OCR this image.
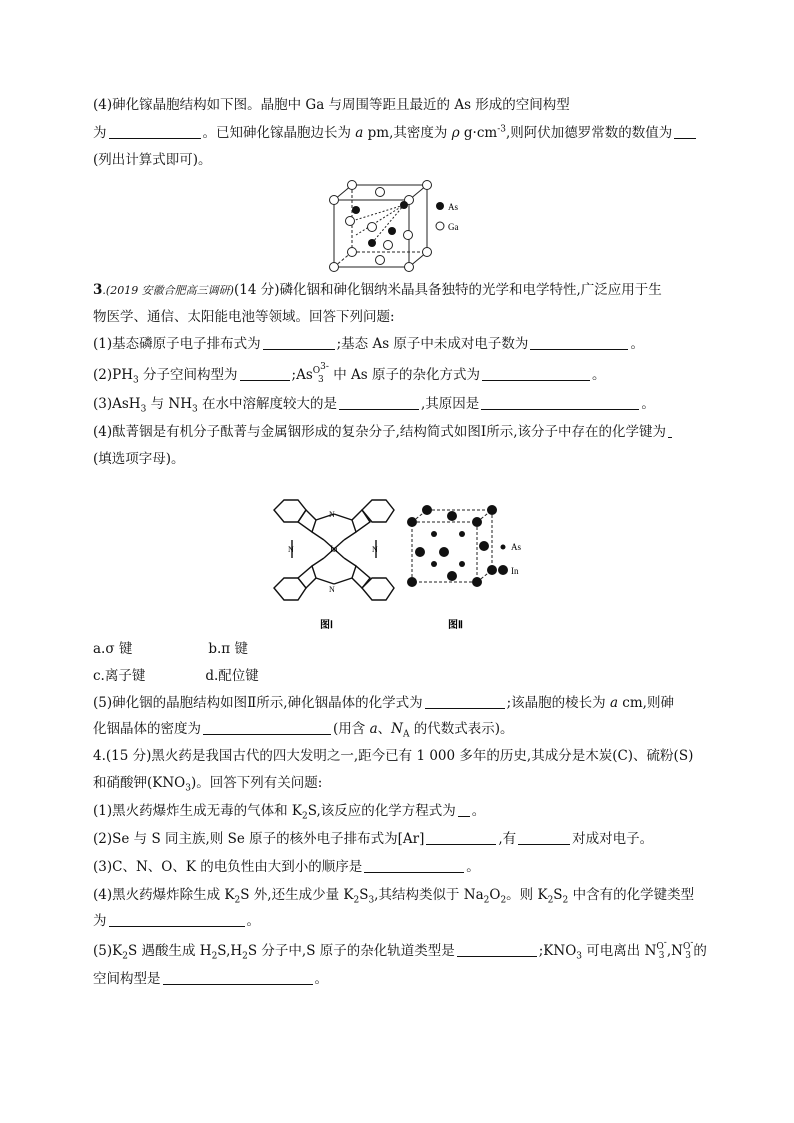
(4)砷化镓晶胞结构如下图。晶胞中 Ga 与周围等距且最近的 As 形成的空间构型
为	。已知砷化镓晶胞边长为 a pm,其密度为 ρ $g\cdot cm^{-3}$,则阿伏加德罗常数的数值为
(列出计算式即可)。
As
Ga
3.(2019 安徽合肥高三调研)(14 分)磷化铟和砷化铟纳米晶具备独特的光学和电学特性,广泛应用于生
物医学、通信、太阳能电池等领域。回答下列问题:
(1)基态磷原子电子排布式为	;基态 As 原子中未成对电子数为	。
$(2)PH_3$ 分子空间构型为	;AsO$^{3-}$
3 中 As 原子的杂化方式为	。
(3)AsH$_3$ 与 $NH_3$ 在水中溶解度较大的是	,其原因是	。
(4)酞菁铟是有机分子酞菁与金属铟形成的复杂分子,结构简式如图Ⅰ所示,该分子中存在的化学键为
(填选项字母)。
In
N
N
N	N	As
In
图Ⅰ	图Ⅱ
a.σ 键	b.π 键
c.离子键	d.配位键
(5)砷化铟的晶胞结构如图Ⅱ所示,砷化铟晶体的化学式为	;该晶胞的棱长为 a cm,则砷
化铟晶体的密度为	(用含 a、$N_A$ 的代数式表示)。
4.(15 分)黑火药是我国古代的四大发明之一,距今已有 1 000 多年的历史,其成分是木炭(C)、硫粉(S)
和硝酸钾$(KNO_3)$。回答下列有关问题:
(1)黑火药爆炸生成无毒的气体和 $K_2S$,该反应的化学方程式为 。
(2)Se 与 S 同主族,则 Se 原子的核外电子排布式为[Ar]	,有	对成对电子。
(3)C、N、O、K 的电负性由大到小的顺序是	。
(4)黑火药爆炸除生成 $K_2S$ 外,还生成少量 $K_2S_3$,其结构类似于 $Na_2O_2$。则 $K_2S_2$ 中含有的化学键类型
为	。
$(5)K_2S$ 遇酸生成 $H_2S,H_2S$ 分子中,S 原子的杂化轨道类型是	$;KNO_3$ 可电离出 NO-
3 ,NO-
3 的
空间构型是	。
